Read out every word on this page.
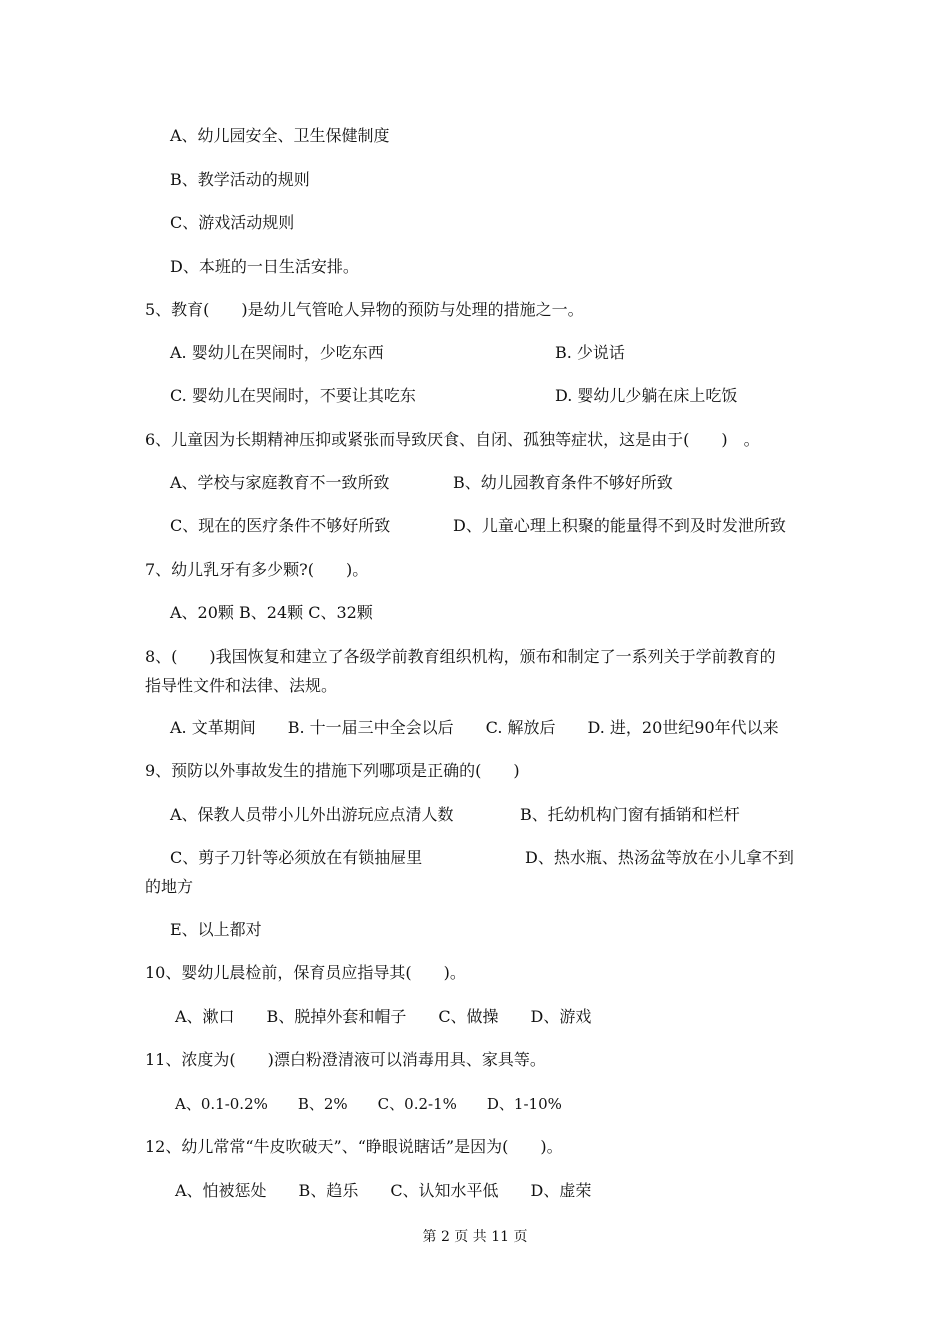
A、幼儿园安全、卫生保健制度
B、教学活动的规则
C、游戏活动规则
D、本班的一日生活安排。
5、教育(　　)是幼儿气管呛人异物的预防与处理的措施之一。
A. 婴幼儿在哭闹时，少吃东西	B. 少说话
C. 婴幼儿在哭闹时，不要让其吃东	D. 婴幼儿少躺在床上吃饭
6、儿童因为长期精神压抑或紧张而导致厌食、自闭、孤独等症状，这是由于(　　)　。
A、学校与家庭教育不一致所致	B、幼儿园教育条件不够好所致
C、现在的医疗条件不够好所致	D、儿童心理上积聚的能量得不到及时发泄所致
7、幼儿乳牙有多少颗?(　　)。
A、20颗 B、24颗 C、32颗
8、(　　)我国恢复和建立了各级学前教育组织机构，颁布和制定了一系列关于学前教育的
指导性文件和法律、法规。
A. 文革期间　　B. 十一届三中全会以后　　C. 解放后　　D. 进，20世纪90年代以来
9、预防以外事故发生的措施下列哪项是正确的(　　)
A、保教人员带小儿外出游玩应点清人数	B、托幼机构门窗有插销和栏杆
C、剪子刀针等必须放在有锁抽屉里	D、热水瓶、热汤盆等放在小儿拿不到
的地方
E、以上都对
10、婴幼儿晨检前，保育员应指导其(　　)。
A、漱口　　B、脱掉外套和帽子　　C、做操　　D、游戏
11、浓度为(　　)漂白粉澄清液可以消毒用具、家具等。
A、0.1-0.2%　　B、2%　　C、0.2-1%　　D、1-10%
12、幼儿常常“牛皮吹破天”、“睁眼说瞎话”是因为(　　)。
A、怕被惩处　　B、趋乐　　C、认知水平低　　D、虚荣
第 2 页 共 11 页
